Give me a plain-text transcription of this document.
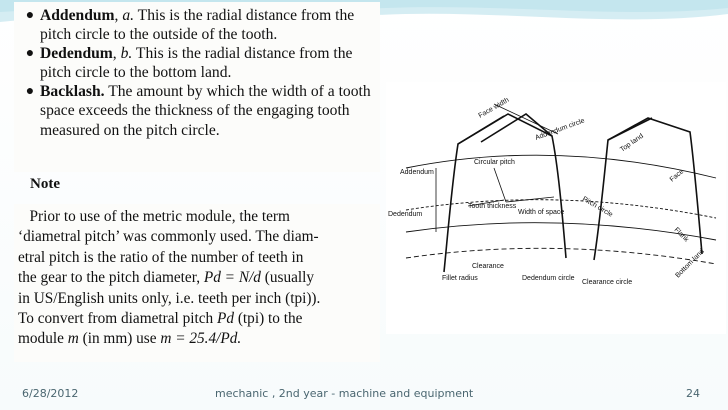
● Addendum, a. This is the radial distance from the pitch circle to the outside of the tooth.
● Dedendum, b. This is the radial distance from the pitch circle to the bottom land.
● Backlash. The amount by which the width of a tooth space exceeds the thickness of the engaging tooth measured on the pitch circle.
Note

Prior to use of the metric module, the term

‘diametral pitch’ was commonly used. The diam-

etral pitch is the ratio of the number of teeth in

the gear to the pitch diameter, Pd = N/d (usually

in US/English units only, i.e. teeth per inch (tpi)).

To convert from diametral pitch Pd (tpi) to the

module m (in mm) use m = 25.4/Pd.

Face width
Addendum circle
Top land
Face
Addendum
Circular pitch
Pitch circle
Dedendum
Tooth thickness
Width of space
Flank
Bottom land
Fillet radius
Clearance
Dedendum circle
Clearance circle
6/28/2012	mechanic , 2nd year - machine and equipment	24
